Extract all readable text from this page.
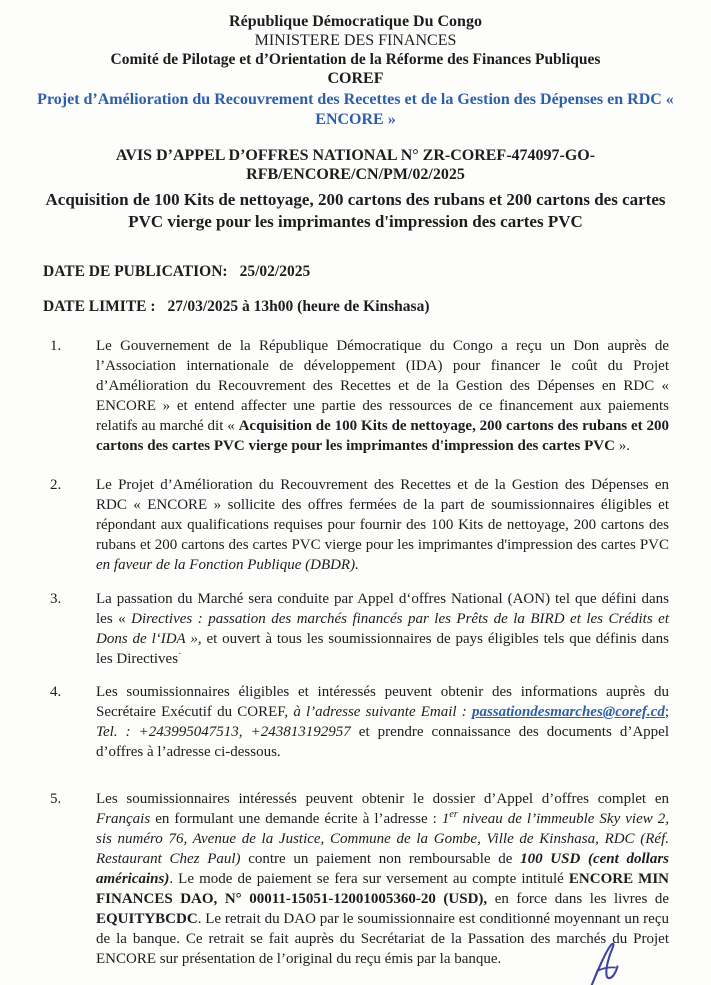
République Démocratique Du Congo
MINISTERE DES FINANCES
Comité de Pilotage et d’Orientation de la Réforme des Finances Publiques
COREF
Projet d’Amélioration du Recouvrement des Recettes et de la Gestion des Dépenses en RDC « ENCORE »
AVIS D’APPEL D’OFFRES NATIONAL N° ZR-COREF-474097-GO-
RFB/ENCORE/CN/PM/02/2025
Acquisition de 100 Kits de nettoyage, 200 cartons des rubans et 200 cartons des cartes PVC vierge pour les imprimantes d'impression des cartes PVC
DATE DE PUBLICATION: 25/02/2025
DATE LIMITE : 27/03/2025 à 13h00 (heure de Kinshasa)
1.	Le Gouvernement de la République Démocratique du Congo a reçu un Don auprès de l’Association internationale de développement (IDA) pour financer le coût du Projet d’Amélioration du Recouvrement des Recettes et de la Gestion des Dépenses en RDC « ENCORE » et entend affecter une partie des ressources de ce financement aux paiements relatifs au marché dit « Acquisition de 100 Kits de nettoyage, 200 cartons des rubans et 200 cartons des cartes PVC vierge pour les imprimantes d'impression des cartes PVC ».
2.	Le Projet d’Amélioration du Recouvrement des Recettes et de la Gestion des Dépenses en RDC « ENCORE » sollicite des offres fermées de la part de soumissionnaires éligibles et répondant aux qualifications requises pour fournir des 100 Kits de nettoyage, 200 cartons des rubans et 200 cartons des cartes PVC vierge pour les imprimantes d'impression des cartes PVC en faveur de la Fonction Publique (DBDR).
3.	La passation du Marché sera conduite par Appel d‘offres National (AON) tel que défini dans les « Directives : passation des marchés financés par les Prêts de la BIRD et les Crédits et Dons de l‘IDA », et ouvert à tous les soumissionnaires de pays éligibles tels que définis dans les Directives·
4.	Les soumissionnaires éligibles et intéressés peuvent obtenir des informations auprès du Secrétaire Exécutif du COREF, à l’adresse suivante Email : passationdesmarches@coref.cd; Tel. : +243995047513, +243813192957 et prendre connaissance des documents d’Appel d’offres à l’adresse ci-dessous.
5.	Les soumissionnaires intéressés peuvent obtenir le dossier d’Appel d’offres complet en Français en formulant une demande écrite à l’adresse : 1er niveau de l’immeuble Sky view 2, sis numéro 76, Avenue de la Justice, Commune de la Gombe, Ville de Kinshasa, RDC (Réf. Restaurant Chez Paul) contre un paiement non remboursable de 100 USD (cent dollars américains). Le mode de paiement se fera sur versement au compte intitulé ENCORE MIN FINANCES DAO, N° 00011-15051-12001005360-20 (USD), en force dans les livres de EQUITYBCDC. Le retrait du DAO par le soumissionnaire est conditionné moyennant un reçu de la banque. Ce retrait se fait auprès du Secrétariat de la Passation des marchés du Projet ENCORE sur présentation de l’original du reçu émis par la banque.
